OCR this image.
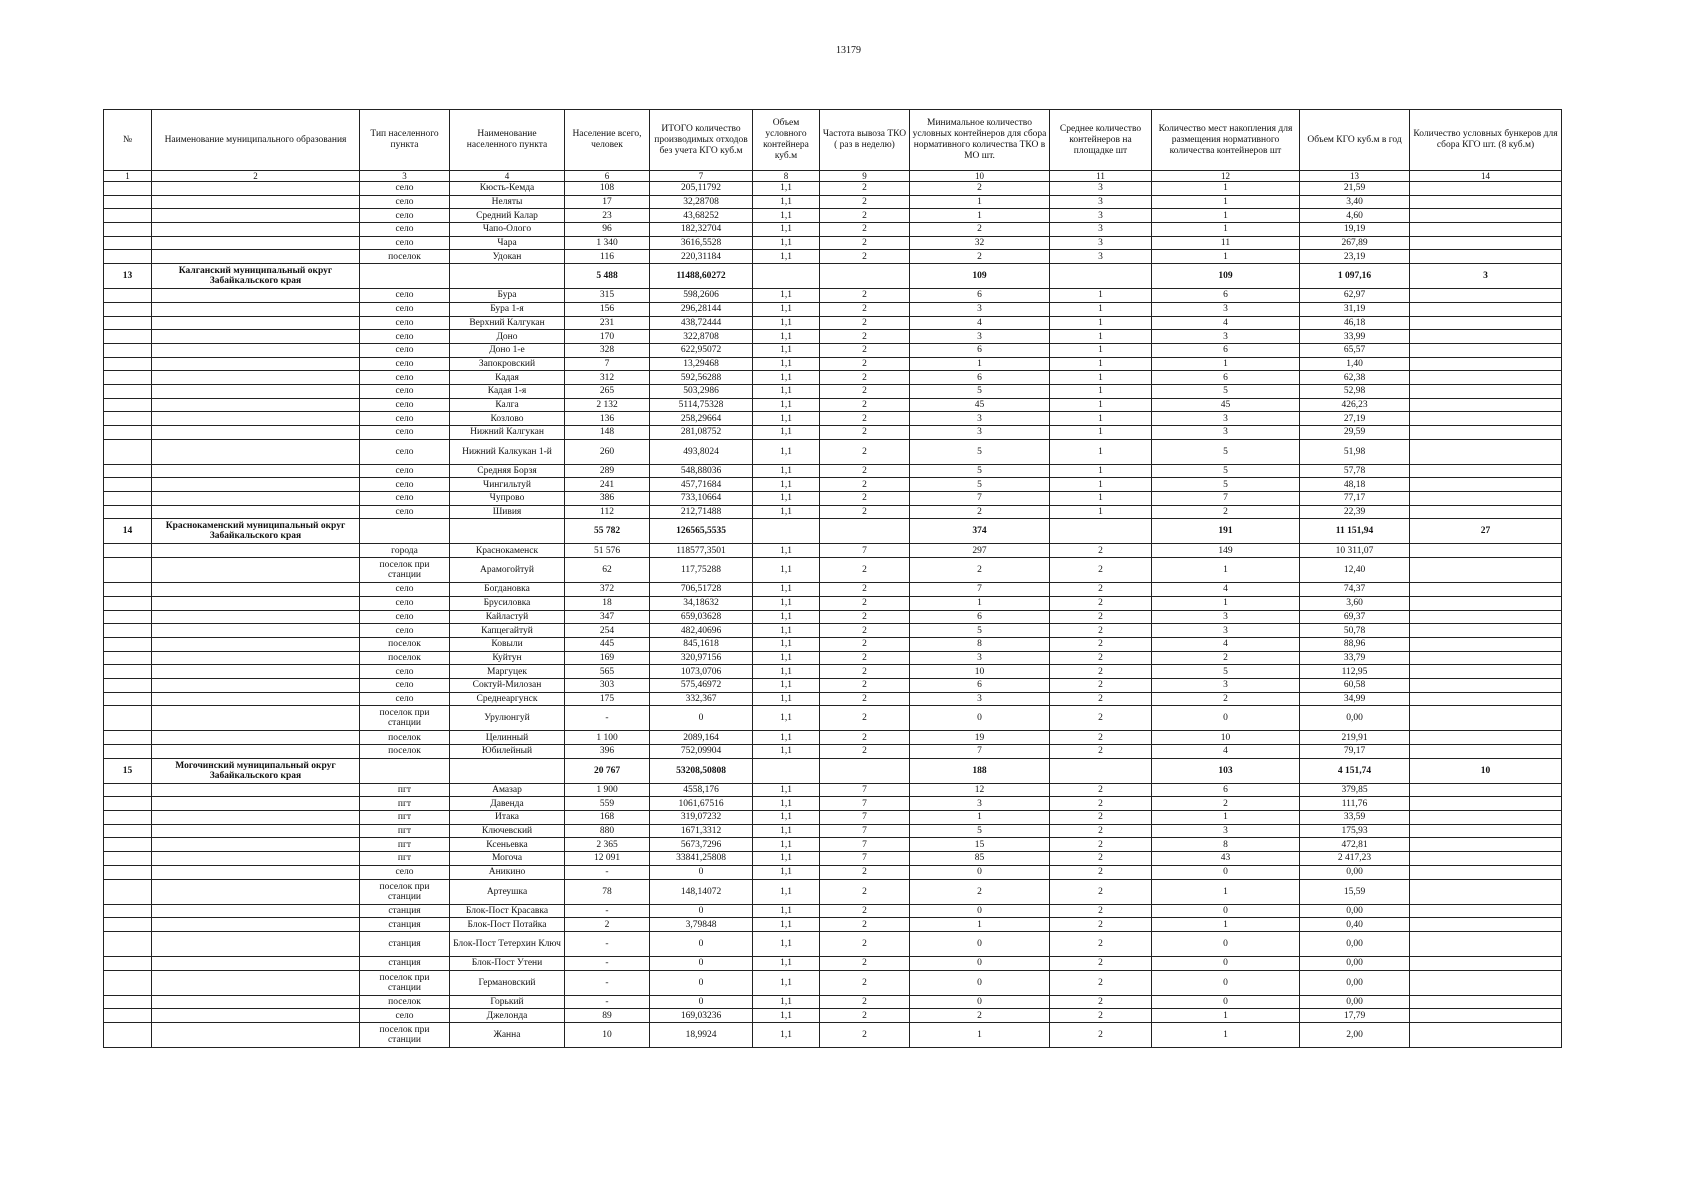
13179
№	Наименование муниципального образования	Тип населенного пункта	Наименование населенного пункта	Население всего, человек	ИТОГО количество производимых отходов без учета КГО куб.м	Объем условного контейнера куб.м	Частота вывоза ТКО ( раз в неделю)	Минимальное количество условных контейнеров для сбора нормативного количества ТКО в МО шт.	Среднее количество контейнеров на площадке шт	Количество мест накопления для размещения нормативного количества контейнеров шт	Объем КГО куб.м в год	Количество условных бункеров для сбора КГО шт. (8 куб.м)
1	2	3	4	6	7	8	9	10	11	12	13	14
		село	Кюсть-Кемда	108	205,11792	1,1	2	2	3	1	21,59	
		село	Неляты	17	32,28708	1,1	2	1	3	1	3,40	
		село	Средний Калар	23	43,68252	1,1	2	1	3	1	4,60	
		село	Чапо-Ологo	96	182,32704	1,1	2	2	3	1	19,19	
		село	Чара	1 340	3616,5528	1,1	2	32	3	11	267,89	
		поселок	Удокан	116	220,31184	1,1	2	2	3	1	23,19	
13	Калганский муниципальный округ Забайкальского края			5 488	11488,60272			109		109	1 097,16	3
		село	Бура	315	598,2606	1,1	2	6	1	6	62,97	
		село	Бура 1-я	156	296,28144	1,1	2	3	1	3	31,19	
		село	Верхний Калгукан	231	438,72444	1,1	2	4	1	4	46,18	
		село	Доно	170	322,8708	1,1	2	3	1	3	33,99	
		село	Доно 1-е	328	622,95072	1,1	2	6	1	6	65,57	
		село	Запокровский	7	13,29468	1,1	2	1	1	1	1,40	
		село	Кадая	312	592,56288	1,1	2	6	1	6	62,38	
		село	Кадая 1-я	265	503,2986	1,1	2	5	1	5	52,98	
		село	Калга	2 132	5114,75328	1,1	2	45	1	45	426,23	
		село	Козлово	136	258,29664	1,1	2	3	1	3	27,19	
		село	Нижний Калгукан	148	281,08752	1,1	2	3	1	3	29,59	
		село	Нижний Калкукан 1-й	260	493,8024	1,1	2	5	1	5	51,98	
		село	Средняя Борзя	289	548,88036	1,1	2	5	1	5	57,78	
		село	Чингильтуй	241	457,71684	1,1	2	5	1	5	48,18	
		село	Чупрово	386	733,10664	1,1	2	7	1	7	77,17	
		село	Шивия	112	212,71488	1,1	2	2	1	2	22,39	
14	Краснокаменский муниципальный округ Забайкальского края			55 782	126565,5535			374		191	11 151,94	27
		города	Краснокаменск	51 576	118577,3501	1,1	7	297	2	149	10 311,07	
		поселок при станции	Арамогойтуй	62	117,75288	1,1	2	2	2	1	12,40	
		село	Богдановка	372	706,51728	1,1	2	7	2	4	74,37	
		село	Брусиловка	18	34,18632	1,1	2	1	2	1	3,60	
		село	Кайластуй	347	659,03628	1,1	2	6	2	3	69,37	
		село	Капцегайтуй	254	482,40696	1,1	2	5	2	3	50,78	
		поселок	Ковыли	445	845,1618	1,1	2	8	2	4	88,96	
		поселок	Куйтун	169	320,97156	1,1	2	3	2	2	33,79	
		село	Маргуцек	565	1073,0706	1,1	2	10	2	5	112,95	
		село	Соктуй-Милозан	303	575,46972	1,1	2	6	2	3	60,58	
		село	Среднеаргунск	175	332,367	1,1	2	3	2	2	34,99	
		поселок при станции	Урулюнгуй	-	0	1,1	2	0	2	0	0,00	
		поселок	Целинный	1 100	2089,164	1,1	2	19	2	10	219,91	
		поселок	Юбилейный	396	752,09904	1,1	2	7	2	4	79,17	
15	Могочинский муниципальный округ Забайкальского края			20 767	53208,50808			188		103	4 151,74	10
		пгт	Амазар	1 900	4558,176	1,1	7	12	2	6	379,85	
		пгт	Давенда	559	1061,67516	1,1	7	3	2	2	111,76	
		пгт	Итака	168	319,07232	1,1	7	1	2	1	33,59	
		пгт	Ключевский	880	1671,3312	1,1	7	5	2	3	175,93	
		пгт	Ксеньевка	2 365	5673,7296	1,1	7	15	2	8	472,81	
		пгт	Могоча	12 091	33841,25808	1,1	7	85	2	43	2 417,23	
		село	Аникино	-	0	1,1	2	0	2	0	0,00	
		поселок при станции	Артеушка	78	148,14072	1,1	2	2	2	1	15,59	
		станция	Блок-Пост Красавка	-	0	1,1	2	0	2	0	0,00	
		станция	Блок-Пост Потайка	2	3,79848	1,1	2	1	2	1	0,40	
		станция	Блок-Пост Тетерхин Ключ	-	0	1,1	2	0	2	0	0,00	
		станция	Блок-Пост Утени	-	0	1,1	2	0	2	0	0,00	
		поселок при станции	Германовский	-	0	1,1	2	0	2	0	0,00	
		поселок	Горький	-	0	1,1	2	0	2	0	0,00	
		село	Джелонда	89	169,03236	1,1	2	2	2	1	17,79	
		поселок при станции	Жанна	10	18,9924	1,1	2	1	2	1	2,00	
